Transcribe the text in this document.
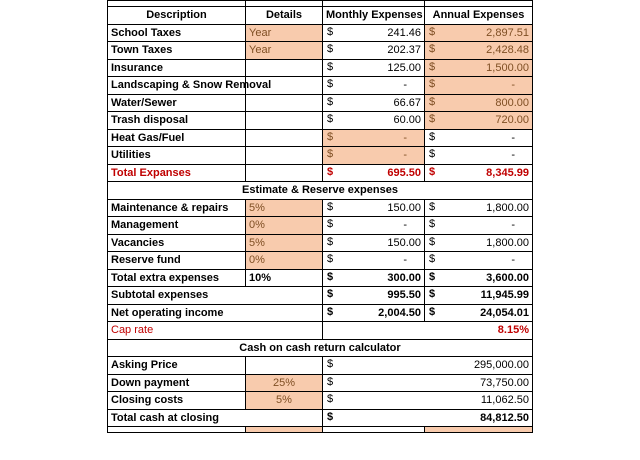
Description	Details	Monthly Expenses	Annual Expenses
School Taxes	Year	$ 241.46	$ 2,897.51

Town Taxes	Year	$ 202.37	$ 2,428.48

Insurance		$ 125.00	$ 1,500.00

Landscaping & Snow Removal		$ -	$ -

Water/Sewer		$ 66.67	$ 800.00

Trash disposal		$ 60.00	$ 720.00

Heat Gas/Fuel		$ -	$ -

Utilities		$ -	$ -

Total Expanses		$ 695.50	$ 8,345.99

Estimate & Reserve expenses			
Maintenance & repairs	5%	$ 150.00	$ 1,800.00

Management	0%	$ -	$ -

Vacancies	5%	$ 150.00	$ 1,800.00

Reserve fund	0%	$ -	$ -

Total extra expenses	10%	$ 300.00	$ 3,600.00

Subtotal expenses		$ 995.50	$ 11,945.99

Net operating income		$ 2,004.50	$ 24,054.01

Cap rate		8.15%	
Cash on cash return calculator			
Asking Price		$ 295,000.00	

Down payment	25%	$ 73,750.00	

Closing costs	5%	$ 11,062.50	

Total cash at closing		$ 84,812.50	
